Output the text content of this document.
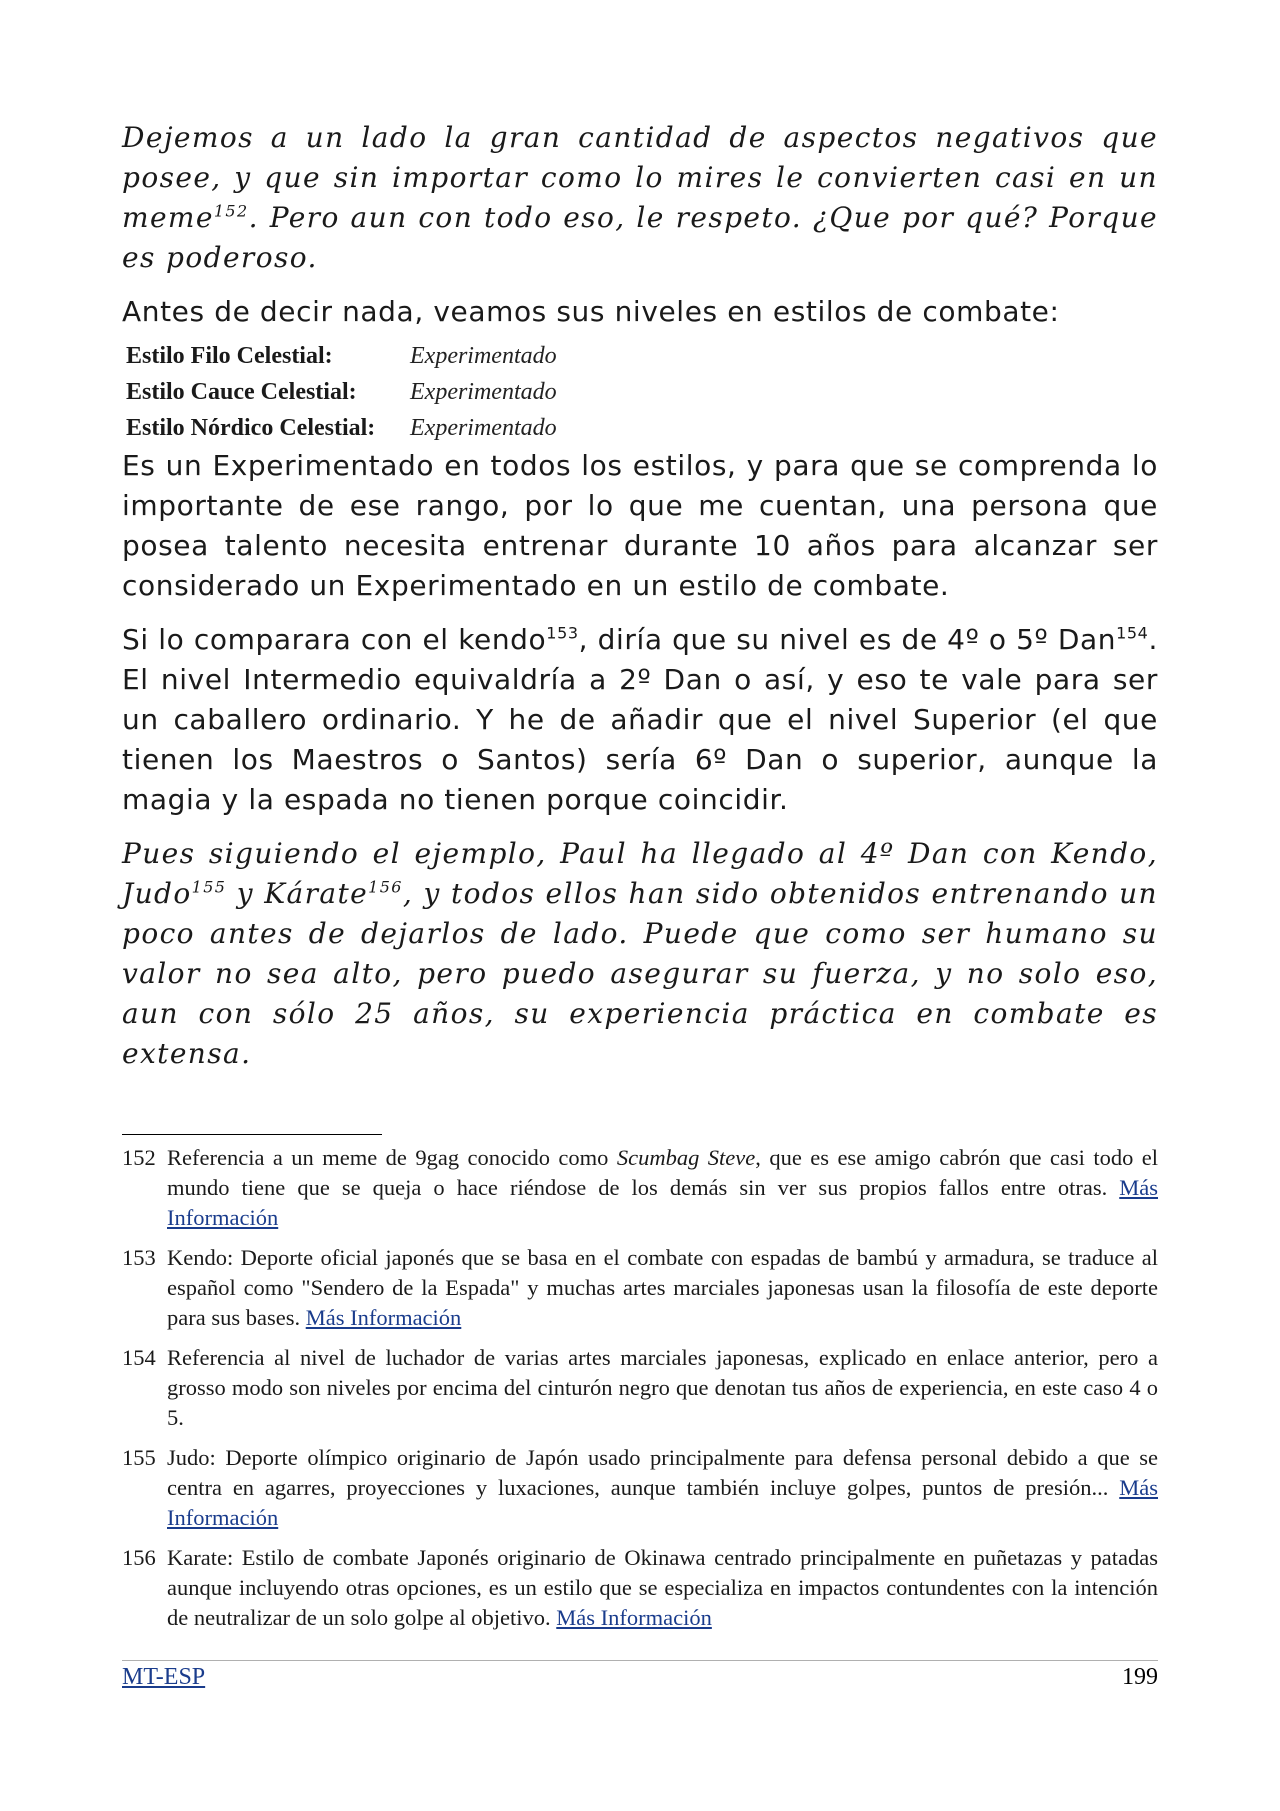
Dejemos a un lado la gran cantidad de aspectos negativos que posee, y que sin importar como lo mires le convierten casi en un meme$^{152}$. Pero aun con todo eso, le respeto. ¿Que por qué? Porque es poderoso.

Antes de decir nada, veamos sus niveles en estilos de combate:

Estilo Filo Celestial:	Experimentado
Estilo Cauce Celestial:	Experimentado
Estilo Nórdico Celestial:	Experimentado

Es un Experimentado en todos los estilos, y para que se comprenda lo importante de ese rango, por lo que me cuentan, una persona que posea talento necesita entrenar durante 10 años para alcanzar ser considerado un Experimentado en un estilo de combate.

Si lo comparara con el kendo$^{153}$, diría que su nivel es de 4º o 5º Dan$^{154}$. El nivel Intermedio equivaldría a 2º Dan o así, y eso te vale para ser un caballero ordinario. Y he de añadir que el nivel Superior (el que tienen los Maestros o Santos) sería 6º Dan o superior, aunque la magia y la espada no tienen porque coincidir.

Pues siguiendo el ejemplo, Paul ha llegado al 4º Dan con Kendo, Judo$^{155}$ y Kárate$^{156}$, y todos ellos han sido obtenidos entrenando un poco antes de dejarlos de lado. Puede que como ser humano su valor no sea alto, pero puedo asegurar su fuerza, y no solo eso, aun con sólo 25 años, su experiencia práctica en combate es extensa.

152 Referencia a un meme de 9gag conocido como Scumbag Steve, que es ese amigo cabrón que casi todo el mundo tiene que se queja o hace riéndose de los demás sin ver sus propios fallos entre otras. Más Información
153 Kendo: Deporte oficial japonés que se basa en el combate con espadas de bambú y armadura, se traduce al español como "Sendero de la Espada" y muchas artes marciales japonesas usan la filosofía de este deporte para sus bases. Más Información
154 Referencia al nivel de luchador de varias artes marciales japonesas, explicado en enlace anterior, pero a grosso modo son niveles por encima del cinturón negro que denotan tus años de experiencia, en este caso 4 o 5.
155 Judo: Deporte olímpico originario de Japón usado principalmente para defensa personal debido a que se centra en agarres, proyecciones y luxaciones, aunque también incluye golpes, puntos de presión... Más Información
156 Karate: Estilo de combate Japonés originario de Okinawa centrado principalmente en puñetazas y patadas aunque incluyendo otras opciones, es un estilo que se especializa en impactos contundentes con la intención de neutralizar de un solo golpe al objetivo. Más Información
MT-ESP	199
